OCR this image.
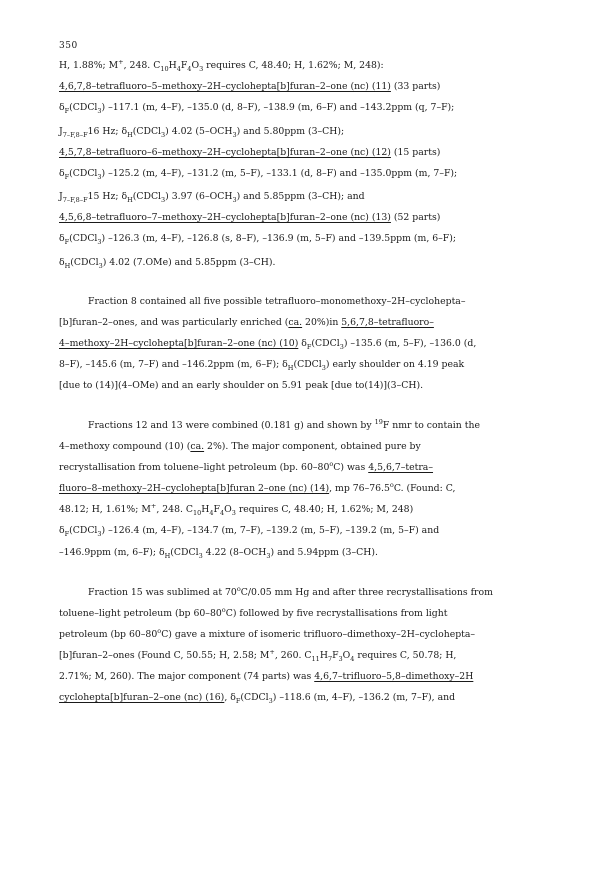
350
H, 1.88%; M+, 248. $C_{10}H_4F_4O_3$ requires C, 48.40; H, 1.62%; M, 248):
4,6,7,8–tetrafluoro–5–methoxy–2H–cyclohepta[b]furan–2–one (nc) (11) (33 parts)
$\delta_F(CDCl_3)$ –117.1 (m, 4–F), –135.0 (d, 8–F), –138.9 (m, 6–F) and –143.2ppm (q, 7–F);
$J_{7-F,8-F}16$ Hz; $\delta_H(CDCl_3)$ 4.02 $(5-OCH_3)$ and 5.80ppm (3–CH);
4,5,7,8–tetrafluoro–6–methoxy–2H–cyclohepta[b]furan–2–one (nc) (12) (15 parts)
$\delta_F(CDCl_3)$ –125.2 (m, 4–F), –131.2 (m, 5–F), –133.1 (d, 8–F) and –135.0ppm (m, 7–F);
$J_{7-F,8-F}15$ Hz; $\delta_H(CDCl_3)$ 3.97 $(6-OCH_3)$ and 5.85ppm (3–CH); and
4,5,6,8–tetrafluoro–7–methoxy–2H–cyclohepta[b]furan–2–one (nc) (13) (52 parts)
$\delta_F(CDCl_3)$ –126.3 (m, 4–F), –126.8 (s, 8–F), –136.9 (m, 5–F) and –139.5ppm (m, 6–F);
$\delta_H(CDCl_3)$ 4.02 (7.OMe) and 5.85ppm (3–CH).
Fraction 8 contained all five possible tetrafluoro–monomethoxy–2H–cyclohepta–
[b]furan–2–ones, and was particularly enriched (ca. 20%)in 5,6,7,8–tetrafluoro–
4–methoxy–2H–cyclohepta[b]furan–2–one (nc) (10) $\delta_F(CDCl_3)$ –135.6 (m, 5–F), –136.0 (d,
8–F), –145.6 (m, 7–F) and –146.2ppm (m, 6–F); $\delta_H(CDCl_3)$ early shoulder on 4.19 peak
[due to (14)](4–OMe) and an early shoulder on 5.91 peak [due to(14)](3–CH).
Fractions 12 and 13 were combined (0.181 g) and shown by $^{19}$F nmr to contain the
4–methoxy compound (10) (ca. 2%). The major component, obtained pure by
recrystallisation from toluene–light petroleum (bp. 60–80$^o$C) was 4,5,6,7–tetra–
fluoro–8–methoxy–2H–cyclohepta[b]furan 2–one (nc) (14), mp 76–76.5$^o$C. (Found: C,
48.12; H, 1.61%; M+, 248. $C_{10}H_4F_4O_3$ requires C, 48.40; H, 1.62%; M, 248)
$\delta_F(CDCl_3)$ –126.4 (m, 4–F), –134.7 (m, 7–F), –139.2 (m, 5–F), –139.2 (m, 5–F) and
–146.9ppm (m, 6–F); $\delta_H(CDCl_3$ 4.22 $(8-OCH_3)$ and 5.94ppm (3–CH).
Fraction 15 was sublimed at 70$^o$C/0.05 mm Hg and after three recrystallisations from
toluene–light petroleum (bp 60–80$^o$C) followed by five recrystallisations from light
petroleum (bp 60–80$^o$C) gave a mixture of isomeric trifluoro–dimethoxy–2H–cyclohepta–
[b]furan–2–ones (Found C, 50.55; H, 2.58; M+, 260. $C_{11}H_7F_3O_4$ requires C, 50.78; H,
2.71%; M, 260). The major component (74 parts) was 4,6,7–trifluoro–5,8–dimethoxy–2H
cyclohepta[b]furan–2–one (nc) (16), $\delta_F(CDCl_3)$ –118.6 (m, 4–F), –136.2 (m, 7–F), and
